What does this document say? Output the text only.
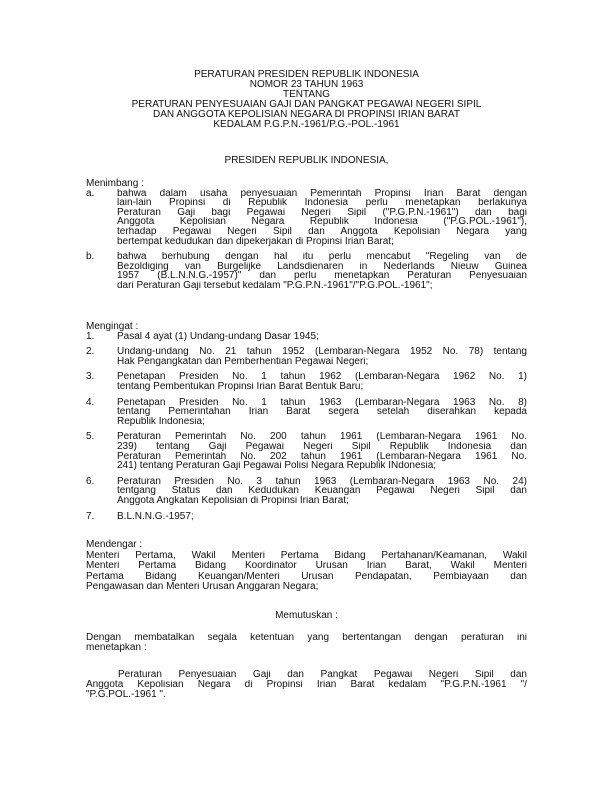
PERATURAN PRESIDEN REPUBLIK INDONESIA
NOMOR 23 TAHUN 1963
TENTANG
PERATURAN PENYESUAIAN GAJI DAN PANGKAT PEGAWAI NEGERI SIPIL
DAN ANGGOTA KEPOLISIAN NEGARA DI PROPINSI IRIAN BARAT
KEDALAM P.G.P.N.-1961/P.G.-POL.-1961
PRESIDEN REPUBLIK INDONESIA,
Menimbang :
a.	bahwa dalam usaha penyesuaian Pemerintah Propinsi Irian Barat dengan
lain-lain Propinsi di Republik Indonesia perlu menetapkan berlakunya
Peraturan Gaji bagi Pegawai Negeri Sipil ("P.G.P.N.-1961") dan bagi
Anggota Kepolisian Negara Republik Indonesia ("P.G.POL.-1961"),
terhadap Pegawai Negeri Sipil dan Anggota Kepolisian Negara yang
bertempat kedudukan dan dipekerjakan di Propinsi Irian Barat;
b.	bahwa berhubung dengan hal itu perlu mencabut "Regeling van de
Bezoldiging van Burgelijke Landsdienaren in Nederlands Nieuw Guinea
1957 (B.L.N.N.G.-1957)" dan perlu menetapkan Peraturan Penyesuaian
dari Peraturan Gaji tersebut kedalam "P.G.P.N.-1961"/"P.G.POL.-1961";
Mengingat :
1.	Pasal 4 ayat (1) Undang-undang Dasar 1945;
2.	Undang-undang No. 21 tahun 1952 (Lembaran-Negara 1952 No. 78) tentang
Hak Pengangkatan dan Pemberhentian Pegawai Negeri;
3.	Penetapan Presiden No. 1 tahun 1962 (Lembaran-Negara 1962 No. 1)
tentang Pembentukan Propinsi Irian Barat Bentuk Baru;
4.	Penetapan Presiden No. 1 tahun 1963 (Lembaran-Negara 1963 No. 8)
tentang Pemerintahan Irian Barat segera setelah diserahkan kepada
Republik Indonesia;
5.	Peraturan Pemerintah No. 200 tahun 1961 (Lembaran-Negara 1961 No.
239) tentang Gaji Pegawai Negeri Sipil Republik Indonesia dan
Peraturan Pemerintah No. 202 tahun 1961 (Lembaran-Negara 1961 No.
241) tentang Peraturan Gaji Pegawai Polisi Negara Republik INdonesia;
6.	Peraturan Presiden No. 3 tahun 1963 (Lembaran-Negara 1963 No. 24)
tentgang Status dan Kedudukan Keuangan Pegawai Negeri Sipil dan
Anggota Angkatan Kepolisian di Propinsi Irian Barat;
7.	B.L.N.N.G.-1957;
Mendengar :
Menteri Pertama, Wakil Menteri Pertama Bidang Pertahanan/Keamanan, Wakil
Menteri Pertama Bidang Koordinator Urusan Irian Barat, Wakil Menteri
Pertama Bidang Keuangan/Menteri Urusan Pendapatan, Pembiayaan dan
Pengawasan dan Menteri Urusan Anggaran Negara;
Memutuskan :
Dengan membatalkan segala ketentuan yang bertentangan dengan peraturan ini
menetapkan :
Peraturan Penyesuaian Gaji dan Pangkat Pegawai Negeri Sipil dan
Anggota Kepolisian Negara di Propinsi Irian Barat kedalam "P.G.P.N.-1961 "/
"P.G.POL.-1961 ".
